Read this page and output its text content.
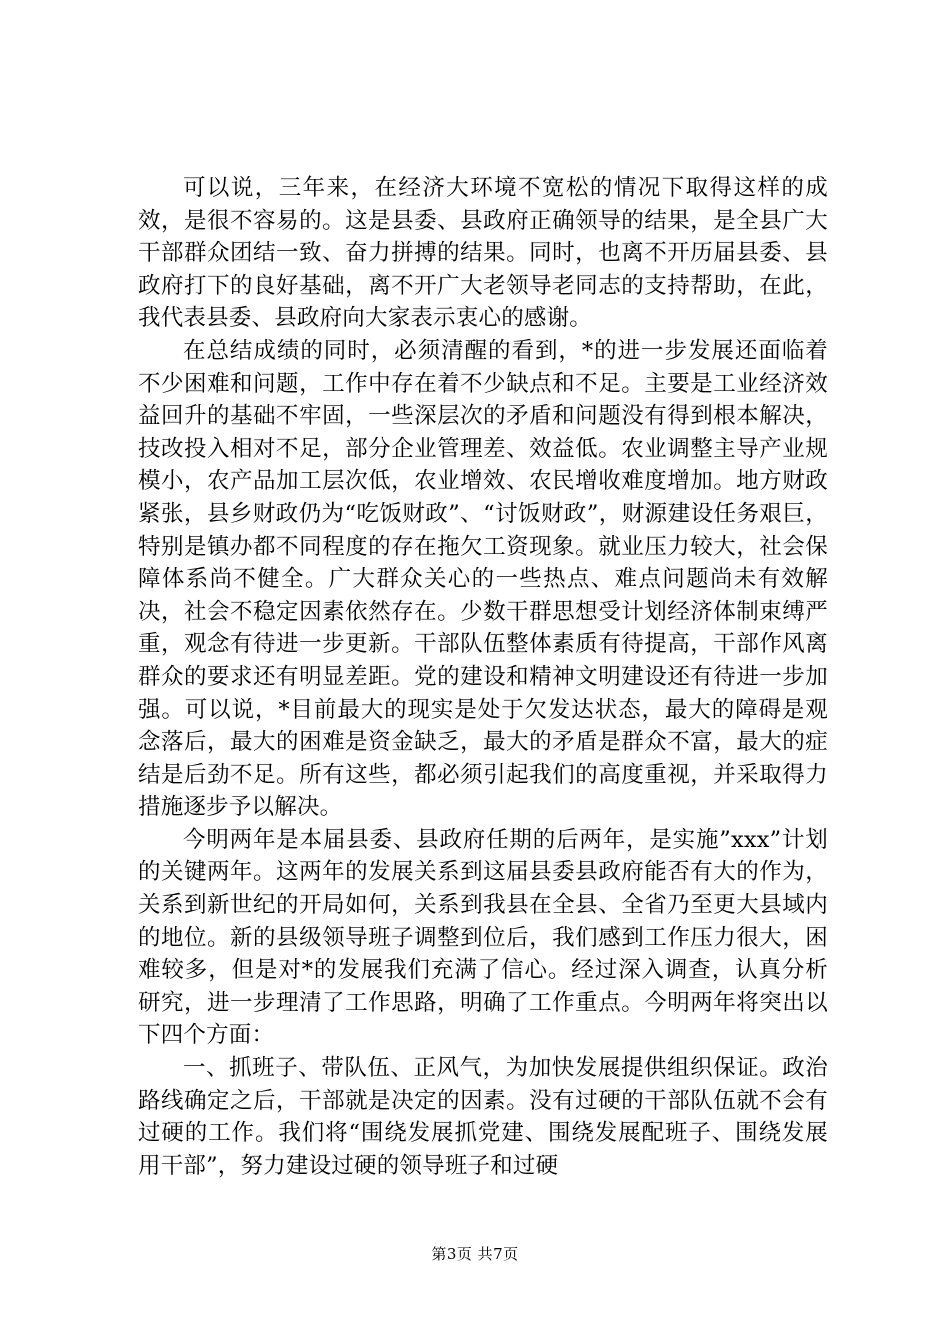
可以说，三年来，在经济大环境不宽松的情况下取得这样的成效，是很不容易的。这是县委、县政府正确领导的结果，是全县广大干部群众团结一致、奋力拼搏的结果。同时，也离不开历届县委、县政府打下的良好基础，离不开广大老领导老同志的支持帮助，在此，我代表县委、县政府向大家表示衷心的感谢。

在总结成绩的同时，必须清醒的看到，*的进一步发展还面临着不少困难和问题，工作中存在着不少缺点和不足。主要是工业经济效益回升的基础不牢固，一些深层次的矛盾和问题没有得到根本解决，技改投入相对不足，部分企业管理差、效益低。农业调整主导产业规模小，农产品加工层次低，农业增效、农民增收难度增加。地方财政紧张，县乡财政仍为“吃饭财政”、“讨饭财政”，财源建设任务艰巨，特别是镇办都不同程度的存在拖欠工资现象。就业压力较大，社会保障体系尚不健全。广大群众关心的一些热点、难点问题尚未有效解决，社会不稳定因素依然存在。少数干群思想受计划经济体制束缚严重，观念有待进一步更新。干部队伍整体素质有待提高，干部作风离群众的要求还有明显差距。党的建设和精神文明建设还有待进一步加强。可以说，*目前最大的现实是处于欠发达状态，最大的障碍是观念落后，最大的困难是资金缺乏，最大的矛盾是群众不富，最大的症结是后劲不足。所有这些，都必须引起我们的高度重视，并采取得力措施逐步予以解决。

今明两年是本届县委、县政府任期的后两年，是实施”xxx”计划的关键两年。这两年的发展关系到这届县委县政府能否有大的作为，关系到新世纪的开局如何，关系到我县在全县、全省乃至更大县域内的地位。新的县级领导班子调整到位后，我们感到工作压力很大，困难较多，但是对*的发展我们充满了信心。经过深入调查，认真分析研究，进一步理清了工作思路，明确了工作重点。今明两年将突出以下四个方面：

一、抓班子、带队伍、正风气，为加快发展提供组织保证。政治路线确定之后，干部就是决定的因素。没有过硬的干部队伍就不会有过硬的工作。我们将“围绕发展抓党建、围绕发展配班子、围绕发展用干部”，努力建设过硬的领导班子和过硬

第3页 共7页
